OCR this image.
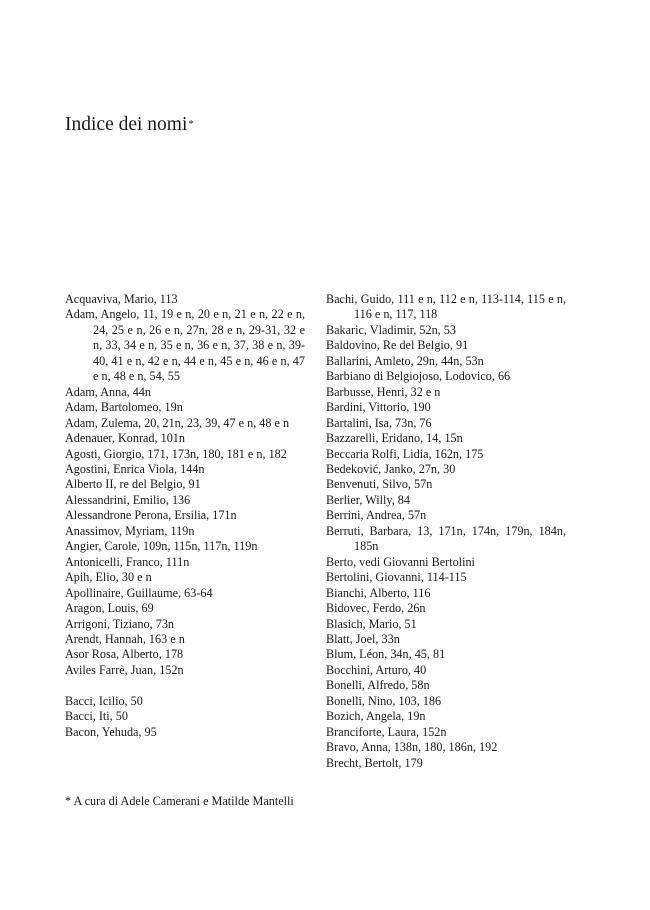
Indice dei nomi*
Acquaviva, Mario, 113
Adam, Angelo, 11, 19 e n, 20 e n, 21 e n, 22 e n, 24, 25 e n, 26 e n, 27n, 28 e n, 29-31, 32 e n, 33, 34 e n, 35 e n, 36 e n, 37, 38 e n, 39-40, 41 e n, 42 e n, 44 e n, 45 e n, 46 e n, 47 e n, 48 e n, 54, 55
Adam, Anna, 44n
Adam, Bartolomeo, 19n
Adam, Zulema, 20, 21n, 23, 39, 47 e n, 48 e n
Adenauer, Konrad, 101n
Agosti, Giorgio, 171, 173n, 180, 181 e n, 182
Agostini, Enrica Viola, 144n
Alberto II, re del Belgio, 91
Alessandrini, Emilio, 136
Alessandrone Perona, Ersilia, 171n
Anassimov, Myriam, 119n
Angier, Carole, 109n, 115n, 117n, 119n
Antonicelli, Franco, 111n
Apih, Elio, 30 e n
Apollinaire, Guillaume, 63-64
Aragon, Louis, 69
Arrigoni, Tiziano, 73n
Arendt, Hannah, 163 e n
Asor Rosa, Alberto, 178
Aviles Farrè, Juan, 152n
Bacci, Icilio, 50
Bacci, Iti, 50
Bacon, Yehuda, 95
Bachi, Guido, 111 e n, 112 e n, 113-114, 115 e n, 116 e n, 117, 118
Bakaric, Vladimir, 52n, 53
Baldovino, Re del Belgio, 91
Ballarini, Amleto, 29n, 44n, 53n
Barbiano di Belgiojoso, Lodovico, 66
Barbusse, Henri, 32 e n
Bardini, Vittorio, 190
Bartalini, Isa, 73n, 76
Bazzarelli, Eridano, 14, 15n
Beccaria Rolfi, Lidia, 162n, 175
Bedeković, Janko, 27n, 30
Benvenuti, Silvo, 57n
Berlier, Willy, 84
Berrini, Andrea, 57n
Berruti, Barbara, 13, 171n, 174n, 179n, 184n, 185n
Berto, vedi Giovanni Bertolini
Bertolini, Giovanni, 114-115
Bianchi, Alberto, 116
Bidovec, Ferdo, 26n
Blasich, Mario, 51
Blatt, Joel, 33n
Blum, Léon, 34n, 45, 81
Bocchini, Arturo, 40
Bonelli, Alfredo, 58n
Bonelli, Nino, 103, 186
Bozich, Angela, 19n
Branciforte, Laura, 152n
Bravo, Anna, 138n, 180, 186n, 192
Brecht, Bertolt, 179
* A cura di Adele Camerani e Matilde Mantelli
